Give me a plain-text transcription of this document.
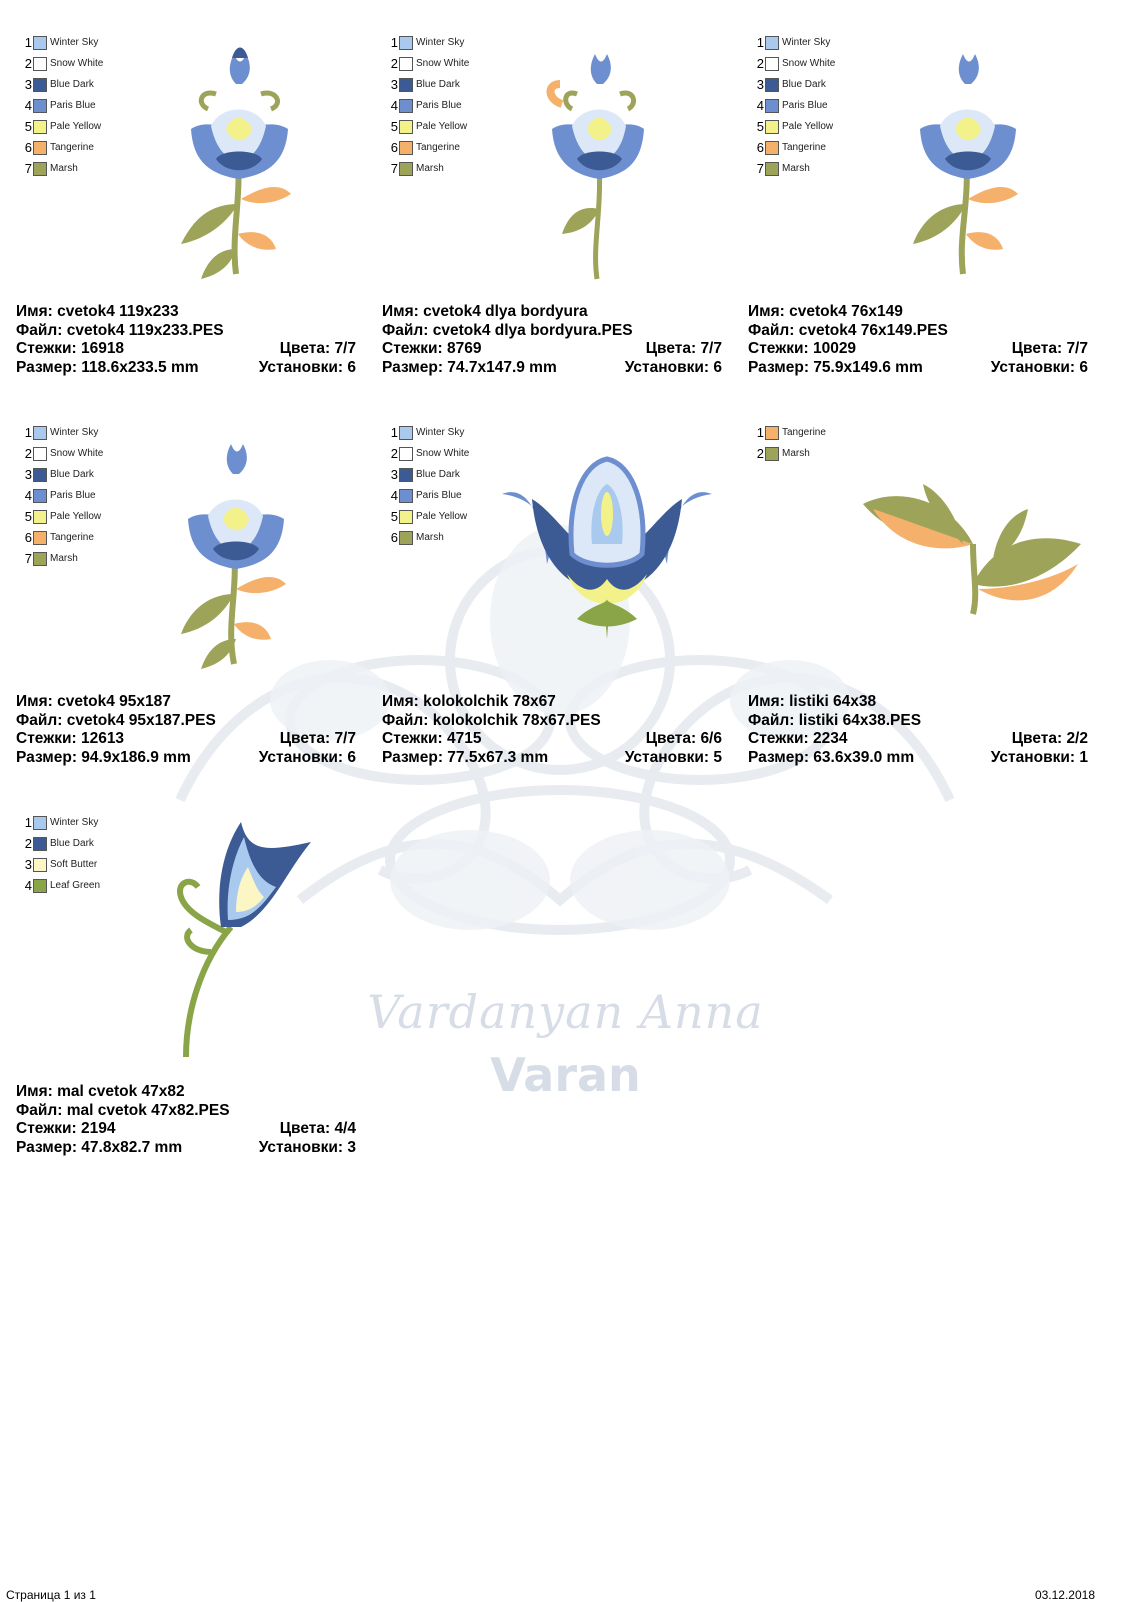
Vardanyan Anna
Varan
1 Winter Sky
2 Snow White
3 Blue Dark
4 Paris Blue
5 Pale Yellow
6 Tangerine
7 Marsh
Имя: cvetok4 119x233
Файл: cvetok4 119x233.PES
Стежки: 16918	Цвета: 7/7
Размер: 118.6x233.5 mm	Установки: 6
1 Winter Sky
2 Snow White
3 Blue Dark
4 Paris Blue
5 Pale Yellow
6 Tangerine
7 Marsh
Имя: cvetok4 dlya bordyura
Файл: cvetok4 dlya bordyura.PES
Стежки: 8769	Цвета: 7/7
Размер: 74.7x147.9 mm	Установки: 6
1 Winter Sky
2 Snow White
3 Blue Dark
4 Paris Blue
5 Pale Yellow
6 Tangerine
7 Marsh
Имя: cvetok4 76x149
Файл: cvetok4 76x149.PES
Стежки: 10029	Цвета: 7/7
Размер: 75.9x149.6 mm	Установки: 6
1 Winter Sky
2 Snow White
3 Blue Dark
4 Paris Blue
5 Pale Yellow
6 Tangerine
7 Marsh
Имя: cvetok4 95x187
Файл: cvetok4 95x187.PES
Стежки: 12613	Цвета: 7/7
Размер: 94.9x186.9 mm	Установки: 6
1 Winter Sky
2 Snow White
3 Blue Dark
4 Paris Blue
5 Pale Yellow
6 Marsh
Имя: kolokolchik 78x67
Файл: kolokolchik 78x67.PES
Стежки: 4715	Цвета: 6/6
Размер: 77.5x67.3 mm	Установки: 5
1 Tangerine
2 Marsh
Имя: listiki 64x38
Файл: listiki 64x38.PES
Стежки: 2234	Цвета: 2/2
Размер: 63.6x39.0 mm	Установки: 1
1 Winter Sky
2 Blue Dark
3 Soft Butter
4 Leaf Green
Имя: mal cvetok 47x82
Файл: mal cvetok 47x82.PES
Стежки: 2194	Цвета: 4/4
Размер: 47.8x82.7 mm	Установки: 3
Страница 1 из 1	03.12.2018
